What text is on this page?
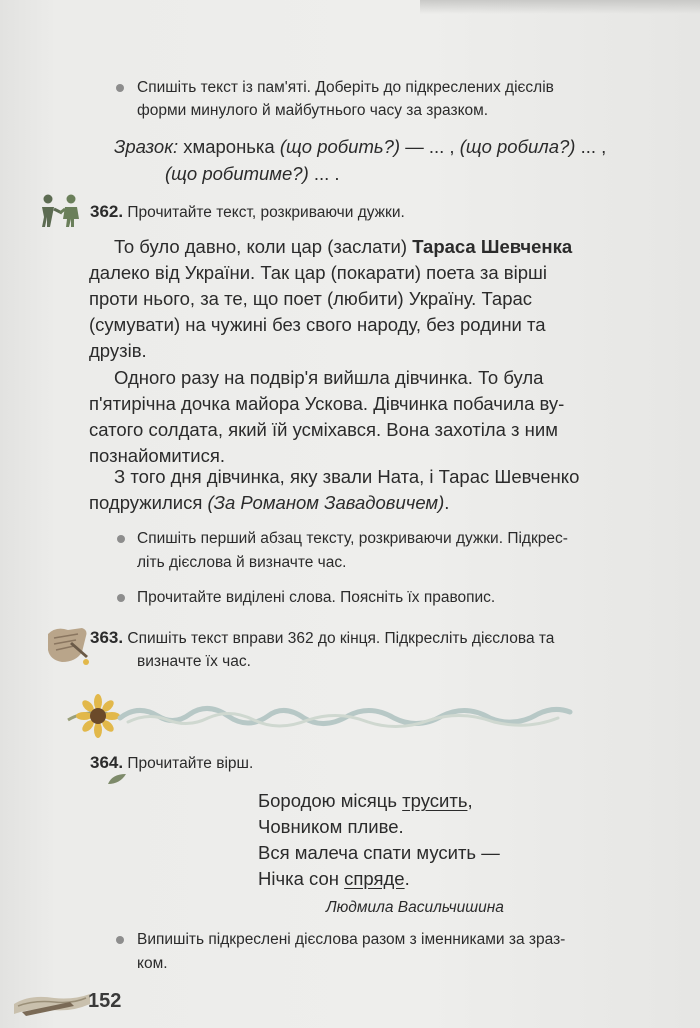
Спишіть текст із пам'яті. Доберіть до підкреслених дієслів
форми минулого й майбутнього часу за зразком.
Зразок: хмаронька (що робить?) — ... , (що робила?) ... ,
(що робитиме?) ... .
362. Прочитайте текст, розкриваючи дужки.
То було давно, коли цар (заслати) Тараса Шевченка
далеко від України. Так цар (покарати) поета за вірші
проти нього, за те, що поет (любити) Україну. Тарас
(сумувати) на чужині без свого народу, без родини та
друзів.
Одного разу на подвір'я вийшла дівчинка. То була
п'ятирічна дочка майора Ускова. Дівчинка побачила ву-
сатого солдата, який їй усміхався. Вона захотіла з ним
познайомитися.
З того дня дівчинка, яку звали Ната, і Тарас Шевченко
подружилися (За Романом Завадовичем).
Спишіть перший абзац тексту, розкриваючи дужки. Підкрес-
літь дієслова й визначте час.
Прочитайте виділені слова. Поясніть їх правопис.
363. Спишіть текст вправи 362 до кінця. Підкресліть дієслова та
визначте їх час.
364. Прочитайте вірш.
Бородою місяць трусить,
Човником пливе.
Вся малеча спати мусить —
Нічка сон спряде.
Людмила Васильчишина
Випишіть підкреслені дієслова разом з іменниками за зраз-
ком.
152
